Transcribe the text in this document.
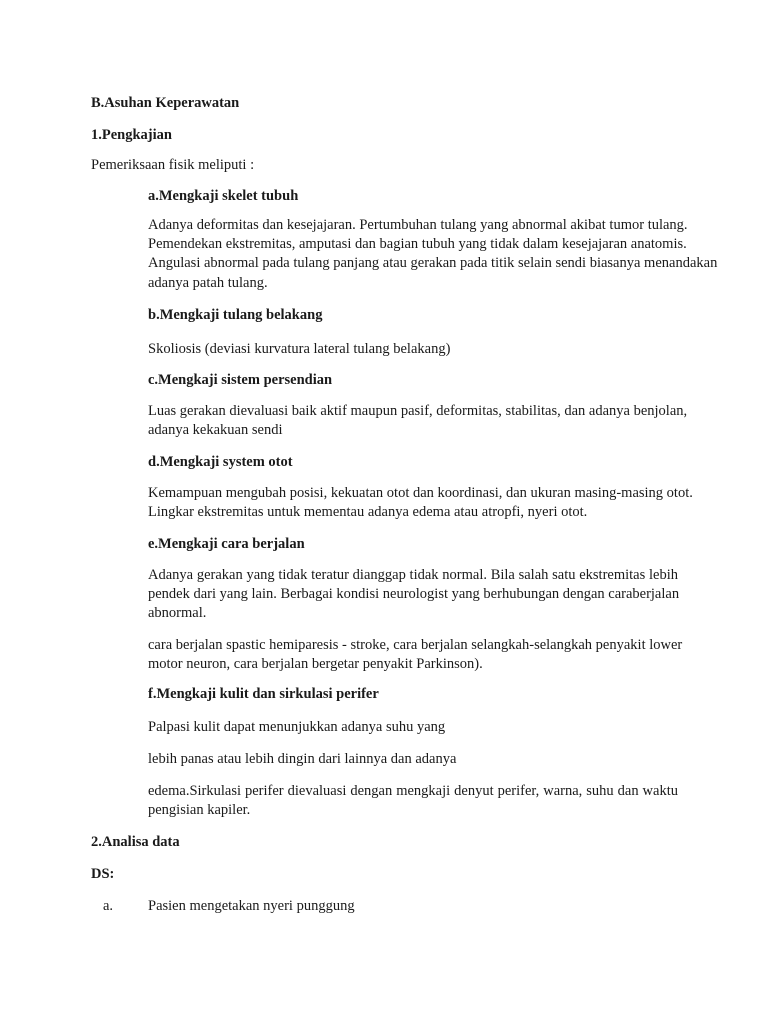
B.Asuhan Keperawatan
1.Pengkajian
Pemeriksaan fisik meliputi :
a.Mengkaji skelet tubuh
Adanya deformitas dan kesejajaran. Pertumbuhan tulang yang abnormal akibat tumor tulang.
Pemendekan ekstremitas, amputasi dan bagian tubuh yang tidak dalam kesejajaran anatomis.
Angulasi abnormal pada tulang panjang atau gerakan pada titik selain sendi biasanya menandakan
adanya patah tulang.
b.Mengkaji tulang belakang
Skoliosis (deviasi kurvatura lateral tulang belakang)
c.Mengkaji sistem persendian
Luas gerakan dievaluasi baik aktif maupun pasif, deformitas, stabilitas, dan adanya benjolan,
adanya kekakuan sendi
d.Mengkaji system otot
Kemampuan mengubah posisi, kekuatan otot dan koordinasi, dan ukuran masing-masing otot.
Lingkar ekstremitas untuk mementau adanya edema atau atropfi, nyeri otot.
e.Mengkaji cara berjalan
Adanya gerakan yang tidak teratur dianggap tidak normal. Bila salah satu ekstremitas lebih
pendek dari yang lain. Berbagai kondisi neurologist yang berhubungan dengan caraberjalan
abnormal.
cara berjalan spastic hemiparesis - stroke, cara berjalan selangkah-selangkah penyakit lower
motor neuron, cara berjalan bergetar penyakit Parkinson).
f.Mengkaji kulit dan sirkulasi perifer
Palpasi kulit dapat menunjukkan adanya suhu yang
lebih panas atau lebih dingin dari lainnya dan adanya
edema.Sirkulasi perifer dievaluasi dengan mengkaji denyut perifer, warna, suhu dan waktu
pengisian kapiler.
2.Analisa data
DS:
a. Pasien mengetakan nyeri punggung
